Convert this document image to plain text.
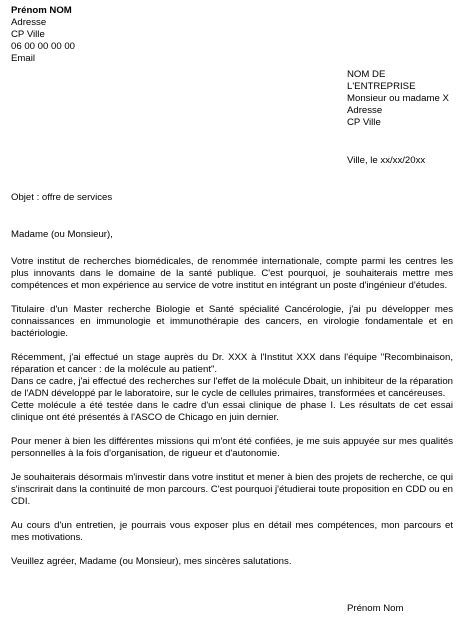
Prénom NOM
Adresse
CP Ville
06 00 00 00 00
Email
NOM DE
L'ENTREPRISE
Monsieur ou madame X
Adresse
CP Ville
Ville, le xx/xx/20xx
Objet : offre de services
Madame (ou Monsieur),

Votre institut de recherches biomédicales, de renommée internationale, compte parmi les centres les plus innovants dans le domaine de la santé publique. C'est pourquoi, je souhaiterais mettre mes compétences et mon expérience au service de votre institut en intégrant un poste d'ingénieur d'études.

Titulaire d'un Master recherche Biologie et Santé spécialité Cancérologie, j'ai pu développer mes connaissances en immunologie et immunothérapie des cancers, en virologie fondamentale et en bactériologie.

Récemment, j'ai effectué un stage auprès du Dr. XXX à l'Institut XXX dans l'équipe "Recombinaison, réparation et cancer : de la molécule au patient".

Dans ce cadre, j'ai effectué des recherches sur l'effet de la molécule Dbait, un inhibiteur de la réparation de l'ADN développé par le laboratoire, sur le cycle de cellules primaires, transformées et cancéreuses.

Cette molécule a été testée dans le cadre d'un essai clinique de phase I. Les résultats de cet essai clinique ont été présentés à l'ASCO de Chicago en juin dernier.

Pour mener à bien les différentes missions qui m'ont été confiées, je me suis appuyée sur mes qualités personnelles à la fois d'organisation, de rigueur et d'autonomie.

Je souhaiterais désormais m'investir dans votre institut et mener à bien des projets de recherche, ce qui s'inscrirait dans la continuité de mon parcours. C'est pourquoi j'étudierai toute proposition en CDD ou en CDI.

Au cours d'un entretien, je pourrais vous exposer plus en détail mes compétences, mon parcours et mes motivations.

Veuillez agréer, Madame (ou Monsieur), mes sincères salutations.

Prénom Nom
